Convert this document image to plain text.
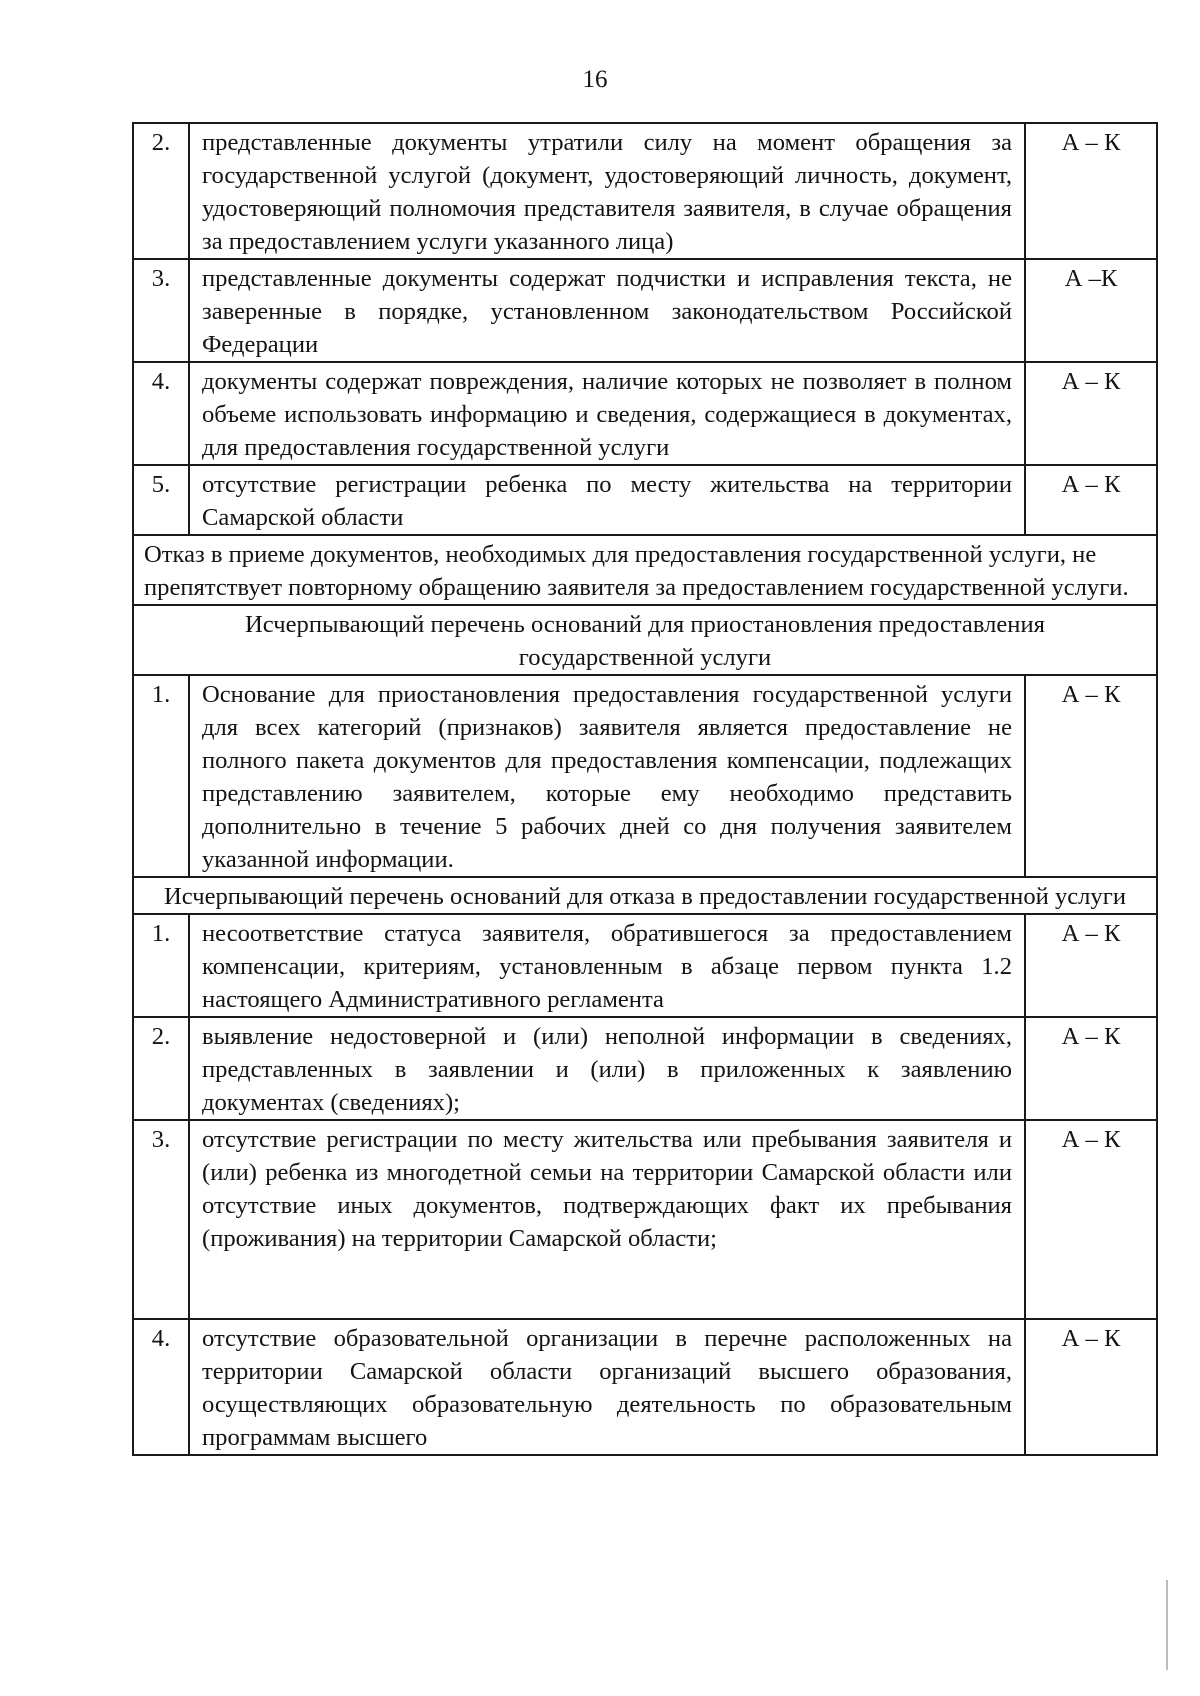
16
2.	представленные документы утратили силу на момент обращения за государственной услугой (документ, удостоверяющий личность, документ, удостоверяющий полномочия представителя заявителя, в случае обращения за предоставлением услуги указанного лица)	А – К
3.	представленные документы содержат подчистки и исправления текста, не заверенные в порядке, установленном законодательством Российской Федерации	А –К
4.	документы содержат повреждения, наличие которых не позволяет в полном объеме использовать информацию и сведения, содержащиеся в документах, для предоставления государственной услуги	А – К
5.	отсутствие регистрации ребенка по месту жительства на территории Самарской области	А – К
Отказ в приеме документов, необходимых для предоставления государственной услуги, не препятствует повторному обращению заявителя за предоставлением государственной услуги.		
Исчерпывающий перечень оснований для приостановления предоставления государственной услуги		
1.	Основание для приостановления предоставления государственной услуги для всех категорий (признаков) заявителя является предоставление не полного пакета документов для предоставления компенсации, подлежащих представлению заявителем, которые ему необходимо представить дополнительно в течение 5 рабочих дней со дня получения заявителем указанной информации.	А – К
Исчерпывающий перечень оснований для отказа в предоставлении государственной услуги		
1.	несоответствие статуса заявителя, обратившегося за предоставлением компенсации, критериям, установленным в абзаце первом пункта 1.2 настоящего Административного регламента	А – К
2.	выявление недостоверной и (или) неполной информации в сведениях, представленных в заявлении и (или) в приложенных к заявлению документах (сведениях);	А – К
3.	отсутствие регистрации по месту жительства или пребывания заявителя и (или) ребенка из многодетной семьи на территории Самарской области или отсутствие иных документов, подтверждающих факт их пребывания (проживания) на территории Самарской области;	А – К
4.	отсутствие образовательной организации в перечне расположенных на территории Самарской области организаций высшего образования, осуществляющих образовательную деятельность по образовательным программам высшего	А – К
